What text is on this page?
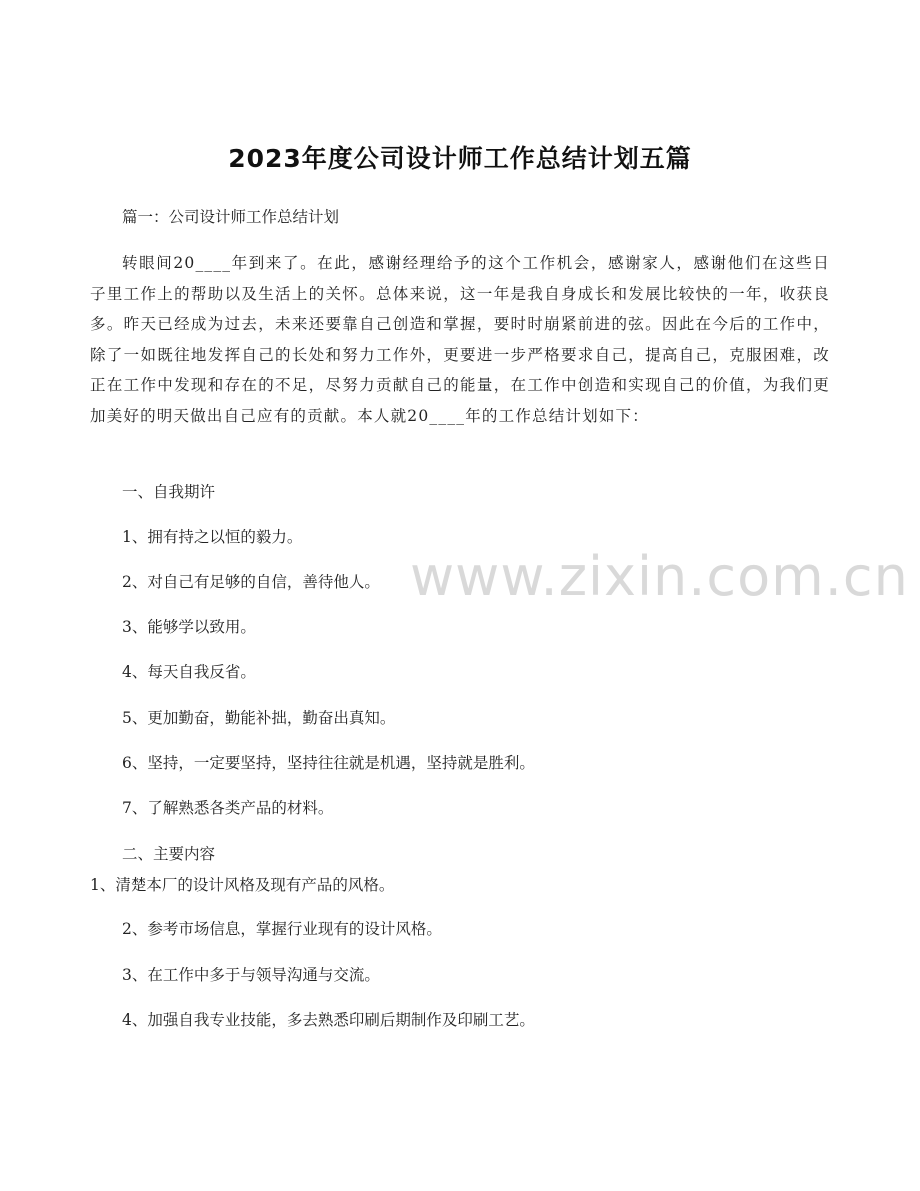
2023年度公司设计师工作总结计划五篇

篇一：公司设计师工作总结计划

转眼间20____年到来了。在此，感谢经理给予的这个工作机会，感谢家人，感谢他们在这些日子里工作上的帮助以及生活上的关怀。总体来说，这一年是我自身成长和发展比较快的一年，收获良多。昨天已经成为过去，未来还要靠自己创造和掌握，要时时崩紧前进的弦。因此在今后的工作中，除了一如既往地发挥自己的长处和努力工作外，更要进一步严格要求自己，提高自己，克服困难，改正在工作中发现和存在的不足，尽努力贡献自己的能量，在工作中创造和实现自己的价值，为我们更加美好的明天做出自己应有的贡献。本人就20____年的工作总结计划如下：

一、自我期许

1、拥有持之以恒的毅力。

2、对自己有足够的自信，善待他人。

3、能够学以致用。

4、每天自我反省。

5、更加勤奋，勤能补拙，勤奋出真知。

6、坚持，一定要坚持，坚持往往就是机遇，坚持就是胜利。

7、了解熟悉各类产品的材料。

二、主要内容

1、清楚本厂的设计风格及现有产品的风格。

2、参考市场信息，掌握行业现有的设计风格。

3、在工作中多于与领导沟通与交流。

4、加强自我专业技能，多去熟悉印刷后期制作及印刷工艺。

www.zixin.com.cn
